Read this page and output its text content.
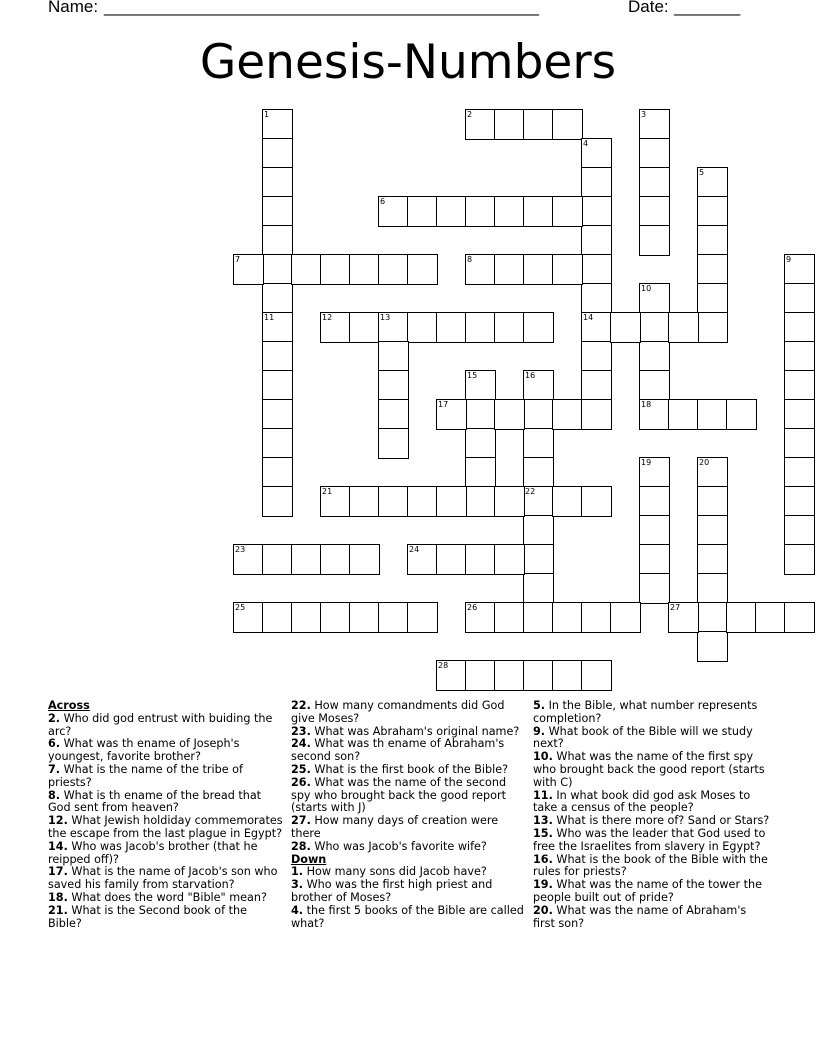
Name: ______________________________________________	Date: _______
Genesis-Numbers
1	2	3
4
14
5
6
7	8	9
10
18
11	12	13
15	16
22
17
19	20
21
23	24
25	26	27
28
Across
2. Who did god entrust with buiding the arc?
6. What was th ename of Joseph's youngest, favorite brother?
7. What is the name of the tribe of priests?
8. What is th ename of the bread that God sent from heaven?
12. What Jewish holdiday commemorates the escape from the last plague in Egypt?
14. Who was Jacob's brother (that he reipped off)?
17. What is the name of Jacob's son who saved his family from starvation?
18. What does the word "Bible" mean?
21. What is the Second book of the Bible?
22. How many comandments did God give Moses?
23. What was Abraham's original name?
24. What was th ename of Abraham's second son?
25. What is the first book of the Bible?
26. What was the name of the second spy who brought back the good report (starts with J)
27. How many days of creation were there
28. Who was Jacob's favorite wife?
Down
1. How many sons did Jacob have?
3. Who was the first high priest and brother of Moses?
4. the first 5 books of the Bible are called what?
5. In the Bible, what number represents completion?
9. What book of the Bible will we study next?
10. What was the name of the first spy who brought back the good report (starts with C)
11. In what book did god ask Moses to take a census of the people?
13. What is there more of? Sand or Stars?
15. Who was the leader that God used to free the Israelites from slavery in Egypt?
16. What is the book of the Bible with the rules for priests?
19. What was the name of the tower the people built out of pride?
20. What was the name of Abraham's first son?
